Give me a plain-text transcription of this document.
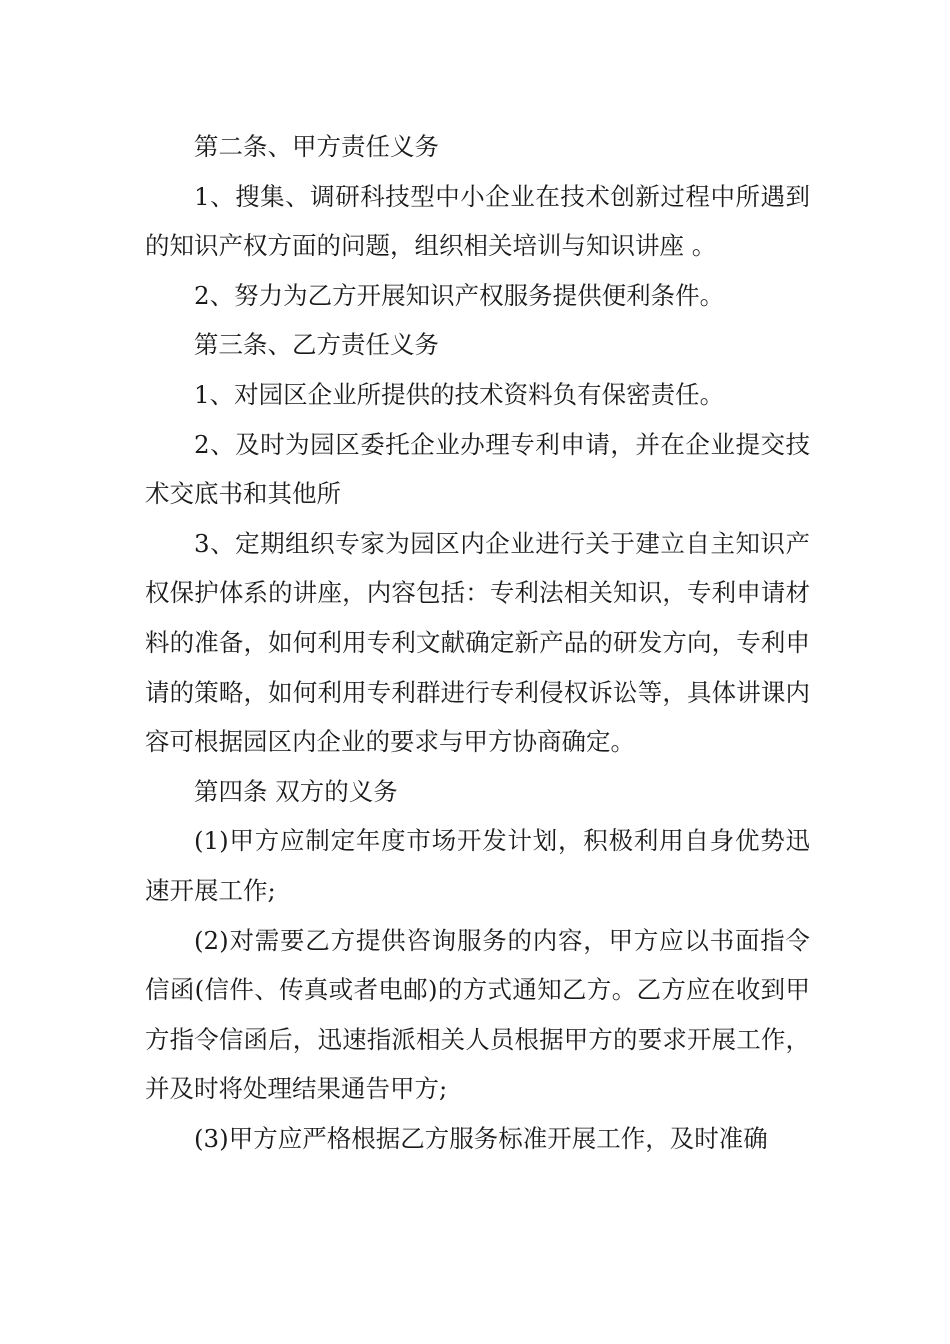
第二条、甲方责任义务

1、搜集、调研科技型中小企业在技术创新过程中所遇到的知识产权方面的问题，组织相关培训与知识讲座 。

2、努力为乙方开展知识产权服务提供便利条件。

第三条、乙方责任义务

1、对园区企业所提供的技术资料负有保密责任。

2、及时为园区委托企业办理专利申请，并在企业提交技术交底书和其他所

3、定期组织专家为园区内企业进行关于建立自主知识产权保护体系的讲座，内容包括：专利法相关知识，专利申请材料的准备，如何利用专利文献确定新产品的研发方向，专利申请的策略，如何利用专利群进行专利侵权诉讼等，具体讲课内容可根据园区内企业的要求与甲方协商确定。

第四条 双方的义务

(1)甲方应制定年度市场开发计划，积极利用自身优势迅速开展工作;

(2)对需要乙方提供咨询服务的内容，甲方应以书面指令信函(信件、传真或者电邮)的方式通知乙方。乙方应在收到甲方指令信函后，迅速指派相关人员根据甲方的要求开展工作，并及时将处理结果通告甲方;

(3)甲方应严格根据乙方服务标准开展工作，及时准确
